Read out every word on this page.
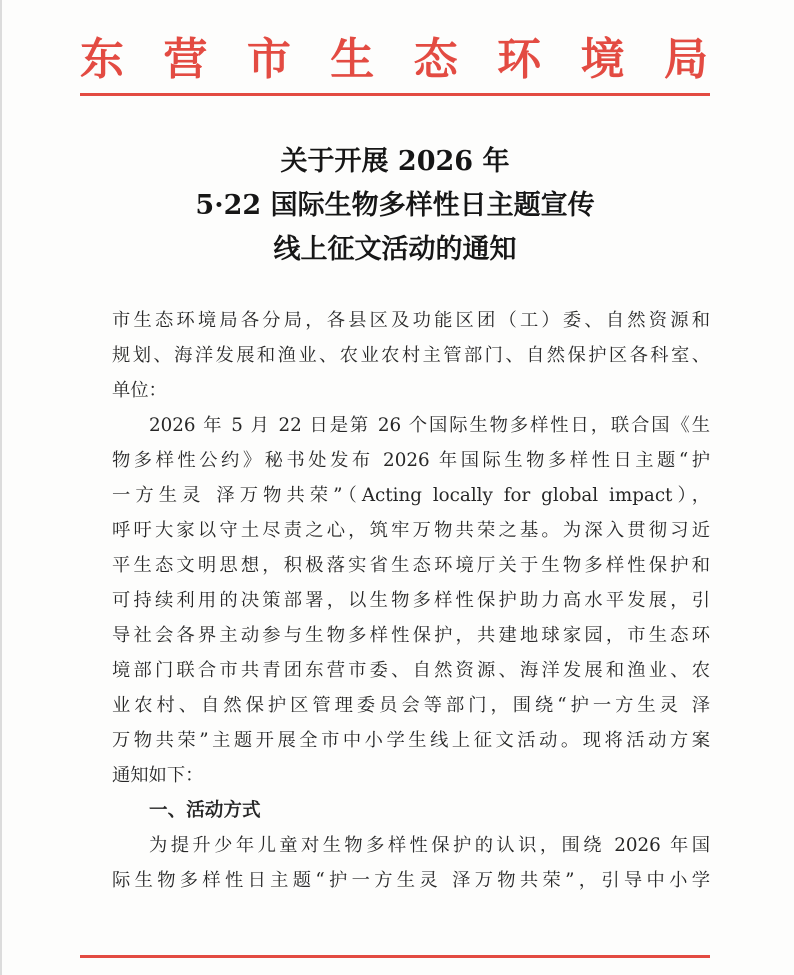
东营市生态环境局
关于开展 2026 年
5·22 国际生物多样性日主题宣传
线上征文活动的通知
市生态环境局各分局，各县区及功能区团（工）委、自然资源和
规划、海洋发展和渔业、农业农村主管部门、自然保护区各科室、
单位：
2026 年 5 月 22 日是第 26 个国际生物多样性日，联合国《生
物多样性公约》秘书处发布 2026 年国际生物多样性日主题“护
一方生灵 泽万物共荣”（Acting locally for global impact），
呼吁大家以守土尽责之心，筑牢万物共荣之基。为深入贯彻习近
平生态文明思想，积极落实省生态环境厅关于生物多样性保护和
可持续利用的决策部署，以生物多样性保护助力高水平发展，引
导社会各界主动参与生物多样性保护，共建地球家园，市生态环
境部门联合市共青团东营市委、自然资源、海洋发展和渔业、农
业农村、自然保护区管理委员会等部门，围绕“护一方生灵 泽
万物共荣”主题开展全市中小学生线上征文活动。现将活动方案
通知如下：
一、活动方式
为提升少年儿童对生物多样性保护的认识，围绕 2026 年国
际生物多样性日主题“护一方生灵 泽万物共荣”，引导中小学
